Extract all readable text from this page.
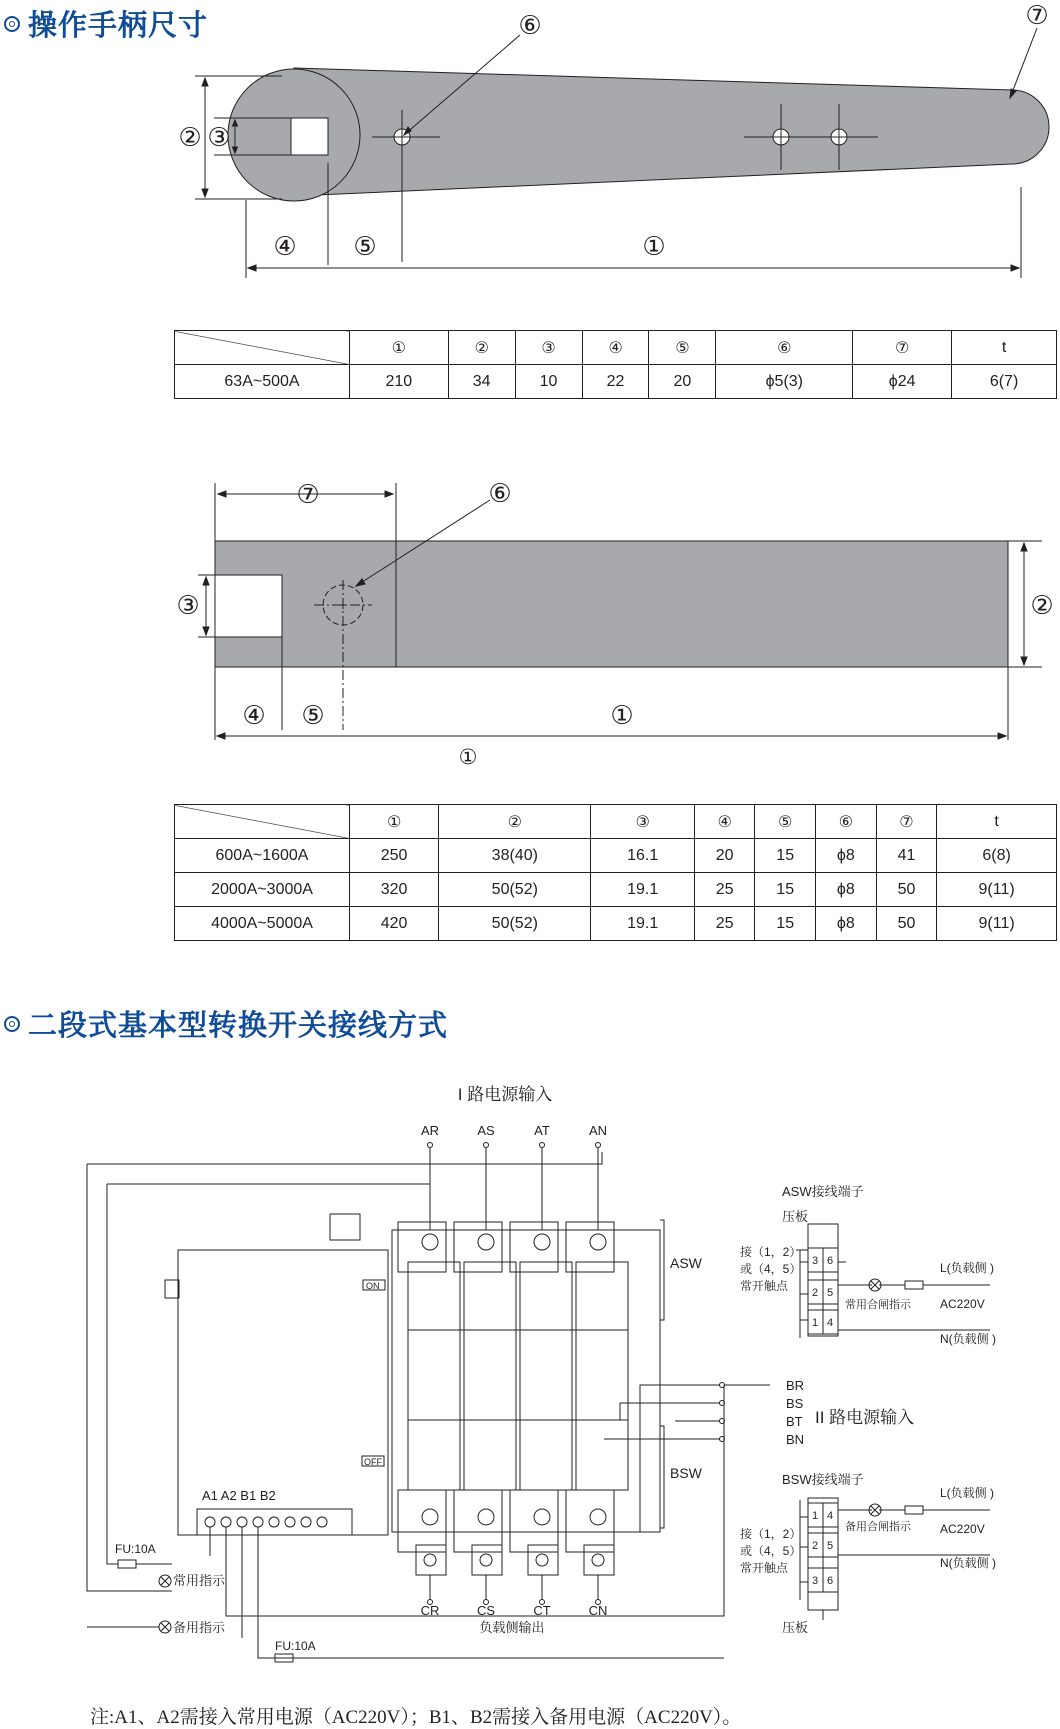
操作手柄尺寸
② ③
④ ⑤	①
⑥	⑦
	①	②	③	④	⑤	⑥	⑦	t
63A~500A	210	34	10	22	20	ϕ5(3)	ϕ24	6(7)
⑦	⑥
③	②
④ ⑤	①
①
	①	②	③	④	⑤	⑥	⑦	t
600A~1600A	250	38(40)	16.1	20	15	ϕ8	41	6(8)
2000A~3000A	320	50(52)	19.1	25	15	ϕ8	50	9(11)
4000A~5000A	420	50(52)	19.1	25	15	ϕ8	50	9(11)
二段式基本型转换开关接线方式
I 路电源输入
AR	AS	AT	AN
ON
OFF
ASW
BSW
A1 A2 B1 B2
FU:10A
FU:10A
常用指示
备用指示
CR	CS	CT	CN
负载侧输出
BR
BS
BT
BN
II 路电源输入
ASW接线端子
压板
接（1，2）
或（4，5）
常开触点
常用合闸指示
L(负载侧 )
AC220V
N(负载侧 )
3 6
2 5
1 4
BSW接线端子
压板
接（1，2）
或（4，5）
常开触点
备用合闸指示
L(负载侧 )
AC220V
N(负载侧 )
1 4
2 5
3 6
注:A1、A2需接入常用电源（AC220V）；B1、B2需接入备用电源（AC220V）。
